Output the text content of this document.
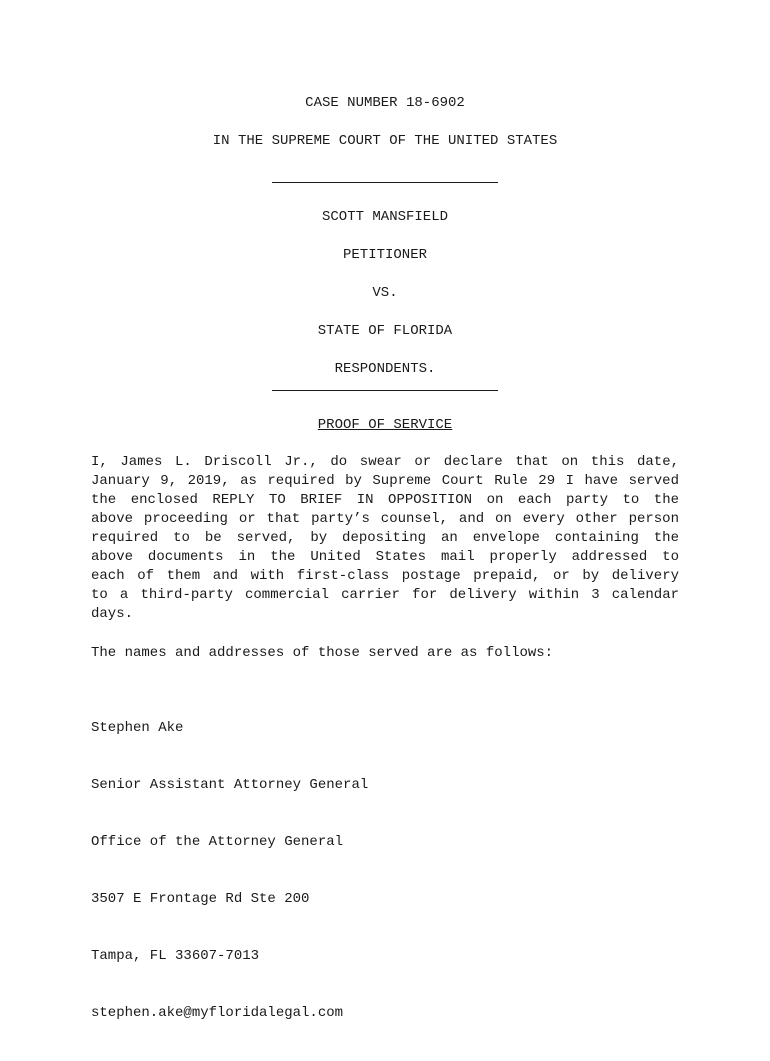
CASE NUMBER 18-6902
IN THE SUPREME COURT OF THE UNITED STATES
SCOTT MANSFIELD
PETITIONER
VS.
STATE OF FLORIDA
RESPONDENTS.
PROOF OF SERVICE
I, James L. Driscoll Jr., do swear or declare that on this date,
January 9, 2019, as required by Supreme Court Rule 29 I have served
the enclosed REPLY TO BRIEF IN OPPOSITION on each party to the
above proceeding or that party’s counsel, and on every other person
required to be served, by depositing an envelope containing the
above documents in the United States mail properly addressed to
each of them and with first-class postage prepaid, or by delivery
to a third-party commercial carrier for delivery within 3 calendar
days.
The names and addresses of those served are as follows:

Stephen Ake

Senior Assistant Attorney General

Office of the Attorney General

3507 E Frontage Rd Ste 200

Tampa, FL 33607-7013

stephen.ake@myfloridalegal.com
